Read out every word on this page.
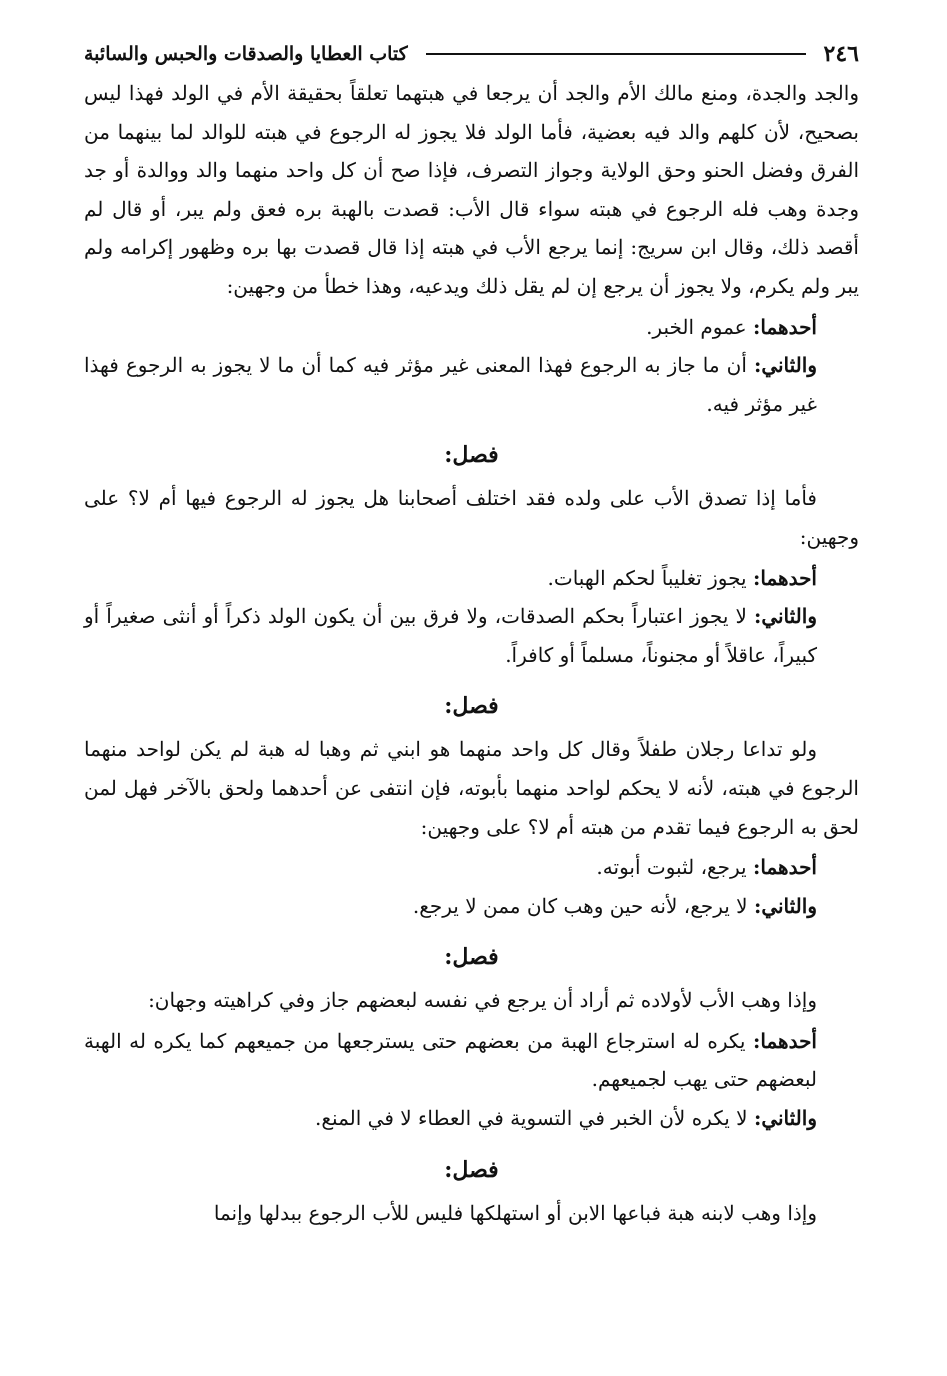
٢٤٦
كتاب العطايا والصدقات والحبس والسائبة

والجد والجدة، ومنع مالك الأم والجد أن يرجعا في هبتهما تعلقاً بحقيقة الأم في الولد فهذا ليس بصحيح، لأن كلهم والد فيه بعضية، فأما الولد فلا يجوز له الرجوع في هبته للوالد لما بينهما من الفرق وفضل الحنو وحق الولاية وجواز التصرف، فإذا صح أن كل واحد منهما والد ووالدة أو جد وجدة وهب فله الرجوع في هبته سواء قال الأب: قصدت بالهبة بره فعق ولم يبر، أو قال لم أقصد ذلك، وقال ابن سريج: إنما يرجع الأب في هبته إذا قال قصدت بها بره وظهور إكرامه ولم يبر ولم يكرم، ولا يجوز أن يرجع إن لم يقل ذلك ويدعيه، وهذا خطأ من وجهين:

أحدهما: عموم الخبر.

والثاني: أن ما جاز به الرجوع فهذا المعنى غير مؤثر فيه كما أن ما لا يجوز به الرجوع فهذا غير مؤثر فيه.

فصل:

فأما إذا تصدق الأب على ولده فقد اختلف أصحابنا هل يجوز له الرجوع فيها أم لا؟ على وجهين:

أحدهما: يجوز تغليباً لحكم الهبات.

والثاني: لا يجوز اعتباراً بحكم الصدقات، ولا فرق بين أن يكون الولد ذكراً أو أنثى صغيراً أو كبيراً، عاقلاً أو مجنوناً، مسلماً أو كافراً.

فصل:

ولو تداعا رجلان طفلاً وقال كل واحد منهما هو ابني ثم وهبا له هبة لم يكن لواحد منهما الرجوع في هبته، لأنه لا يحكم لواحد منهما بأبوته، فإن انتفى عن أحدهما ولحق بالآخر فهل لمن لحق به الرجوع فيما تقدم من هبته أم لا؟ على وجهين:

أحدهما: يرجع، لثبوت أبوته.

والثاني: لا يرجع، لأنه حين وهب كان ممن لا يرجع.

فصل:

وإذا وهب الأب لأولاده ثم أراد أن يرجع في نفسه لبعضهم جاز وفي كراهيته وجهان:

أحدهما: يكره له استرجاع الهبة من بعضهم حتى يسترجعها من جميعهم كما يكره له الهبة لبعضهم حتى يهب لجميعهم.

والثاني: لا يكره لأن الخبر في التسوية في العطاء لا في المنع.

فصل:

وإذا وهب لابنه هبة فباعها الابن أو استهلكها فليس للأب الرجوع ببدلها وإنما
